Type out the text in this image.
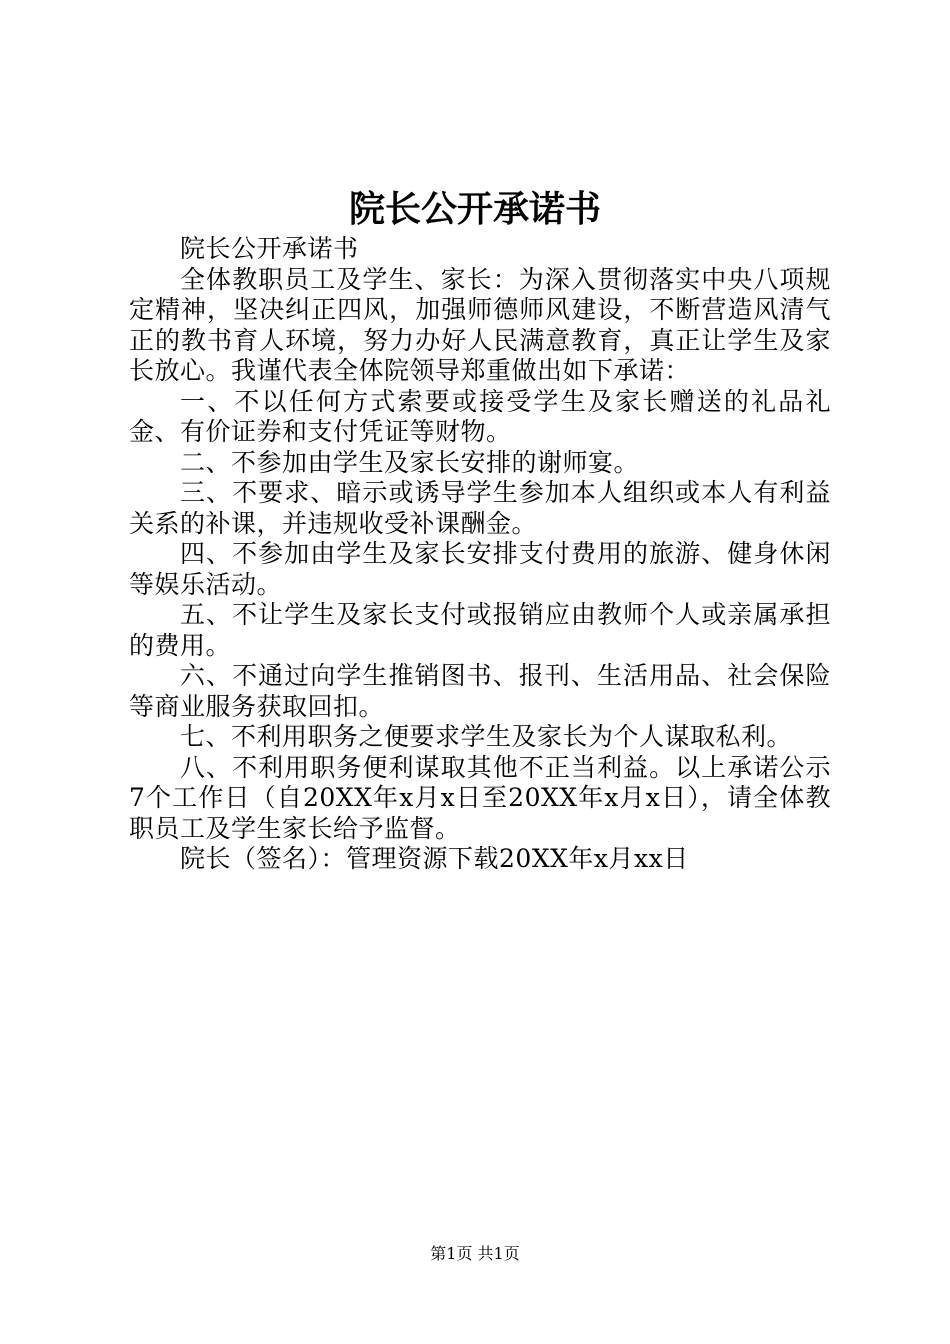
院长公开承诺书

院长公开承诺书

全体教职员工及学生、家长：为深入贯彻落实中央八项规定精神，坚决纠正四风，加强师德师风建设，不断营造风清气正的教书育人环境，努力办好人民满意教育，真正让学生及家长放心。我谨代表全体院领导郑重做出如下承诺：

一、不以任何方式索要或接受学生及家长赠送的礼品礼金、有价证券和支付凭证等财物。

二、不参加由学生及家长安排的谢师宴。

三、不要求、暗示或诱导学生参加本人组织或本人有利益关系的补课，并违规收受补课酬金。

四、不参加由学生及家长安排支付费用的旅游、健身休闲等娱乐活动。

五、不让学生及家长支付或报销应由教师个人或亲属承担的费用。

六、不通过向学生推销图书、报刊、生活用品、社会保险等商业服务获取回扣。

七、不利用职务之便要求学生及家长为个人谋取私利。

八、不利用职务便利谋取其他不正当利益。以上承诺公示7个工作日（自20XX年x月x日至20XX年x月x日），请全体教职员工及学生家长给予监督。

院长（签名）：管理资源下载20XX年x月xx日

第1页 共1页
